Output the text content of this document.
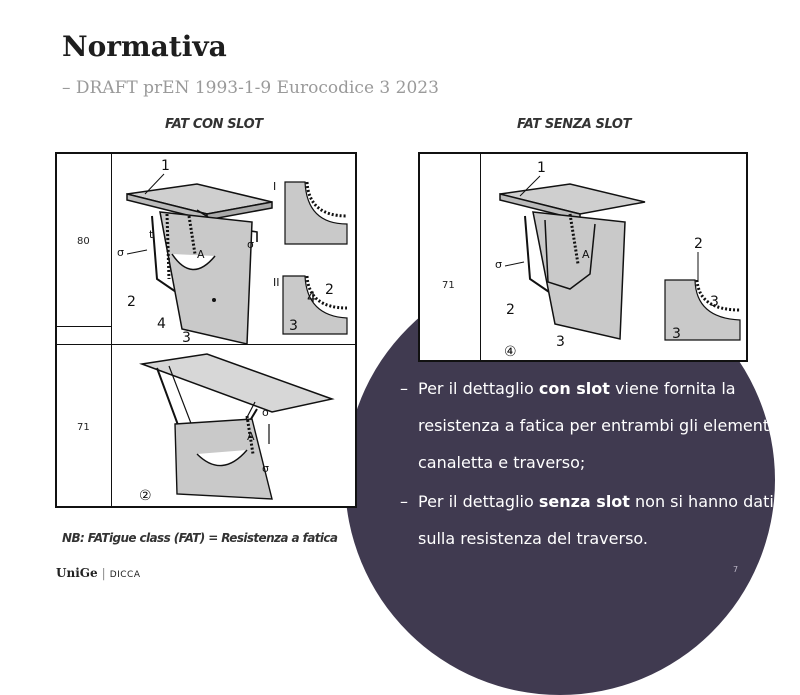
Normativa
– DRAFT prEN 1993-1-9 Eurocodice 3 2023
FAT CON SLOT	FAT SENZA SLOT
80
71
1
2
4
3
t
σ
σ
A
I
II	2
4
3
σ
σ
A
②
71
1
σ
2
3
A
2
3
3
④
NB: FATigue class (FAT) = Resistenza a fatica
– Per il dettaglio con slot viene fornita la resistenza a fatica per entrambi gli elementi, canaletta e traverso;
– Per il dettaglio senza slot non si hanno dati sulla resistenza del traverso.
UniGe | DICCA
7
